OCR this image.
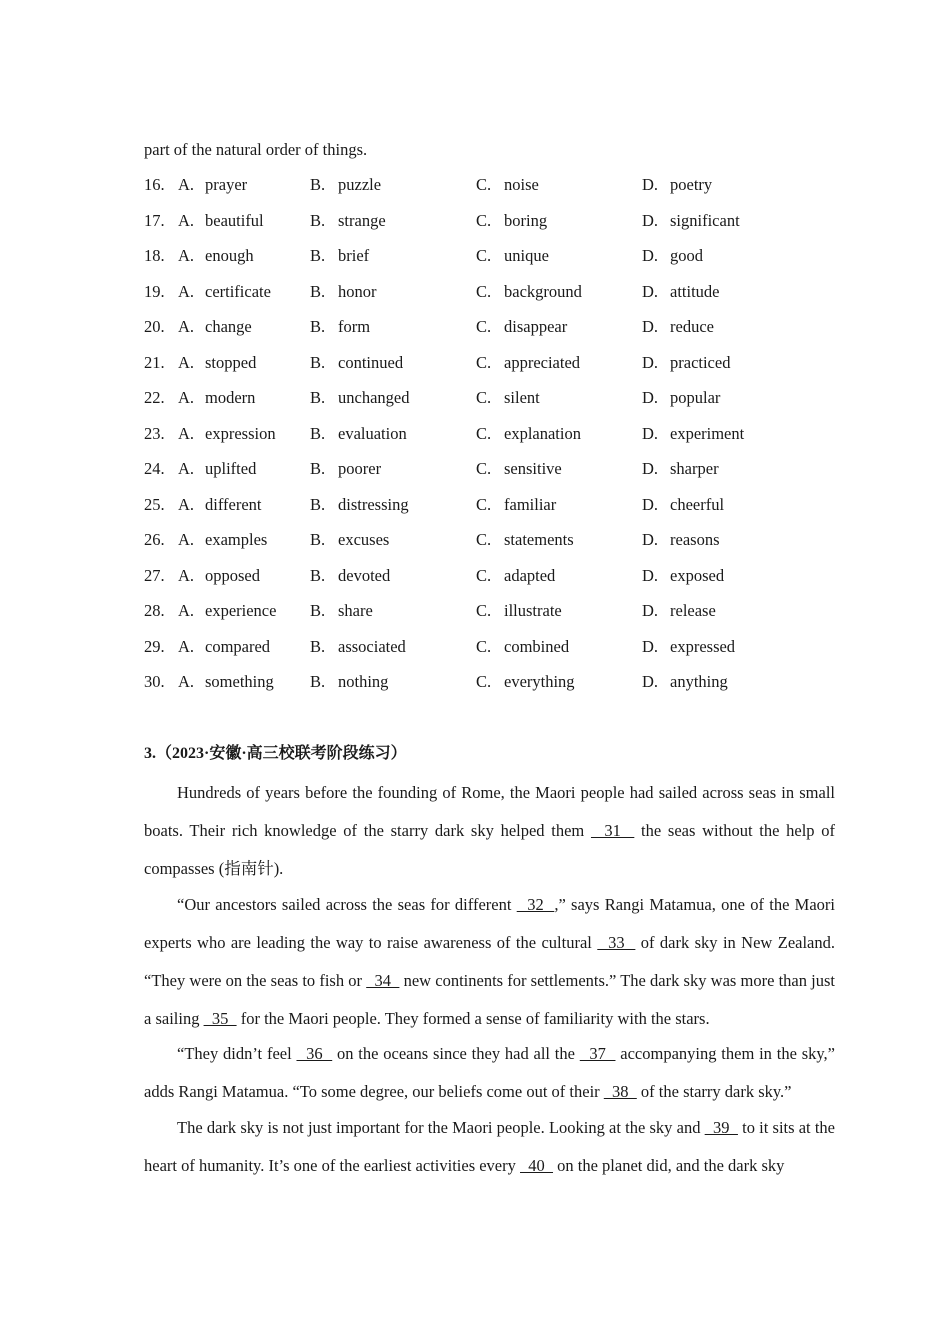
part of the natural order of things.
16. A. prayer	B. puzzle	C. noise	D. poetry
17. A. beautiful	B. strange	C. boring	D. significant
18. A. enough	B. brief	C. unique	D. good
19. A. certificate B. honor	C. background	D. attitude
20. A. change	B. form	C. disappear	D. reduce
21. A. stopped	B. continued	C. appreciated	D. practiced
22. A. modern	B. unchanged	C. silent	D. popular
23. A. expression B. evaluation	C. explanation	D. experiment
24. A. uplifted	B. poorer	C. sensitive	D. sharper
25. A. different	B. distressing	C. familiar	D. cheerful
26. A. examples	B. excuses	C. statements	D. reasons
27. A. opposed	B. devoted	C. adapted	D. exposed
28. A. experience B. share	C. illustrate	D. release
29. A. compared B. associated	C. combined	D. expressed
30. A. something B. nothing	C. everything	D. anything
3.（2023·安徽·高三校联考阶段练习）

Hundreds of years before the founding of Rome, the Maori people had sailed across seas in small boats. Their rich knowledge of the starry dark sky helped them   31   the seas without the help of compasses (指南针).

“Our ancestors sailed across the seas for different   32  ,” says Rangi Matamua, one of the Maori experts who are leading the way to raise awareness of the cultural   33   of dark sky in New Zealand. “They were on the seas to fish or   34   new continents for settlements.” The dark sky was more than just a sailing   35   for the Maori people. They formed a sense of familiarity with the stars.

“They didn’t feel   36   on the oceans since they had all the   37   accompanying them in the sky,” adds Rangi Matamua. “To some degree, our beliefs come out of their   38   of the starry dark sky.”

The dark sky is not just important for the Maori people. Looking at the sky and   39   to it sits at the heart of humanity. It’s one of the earliest activities every   40   on the planet did, and the dark sky
